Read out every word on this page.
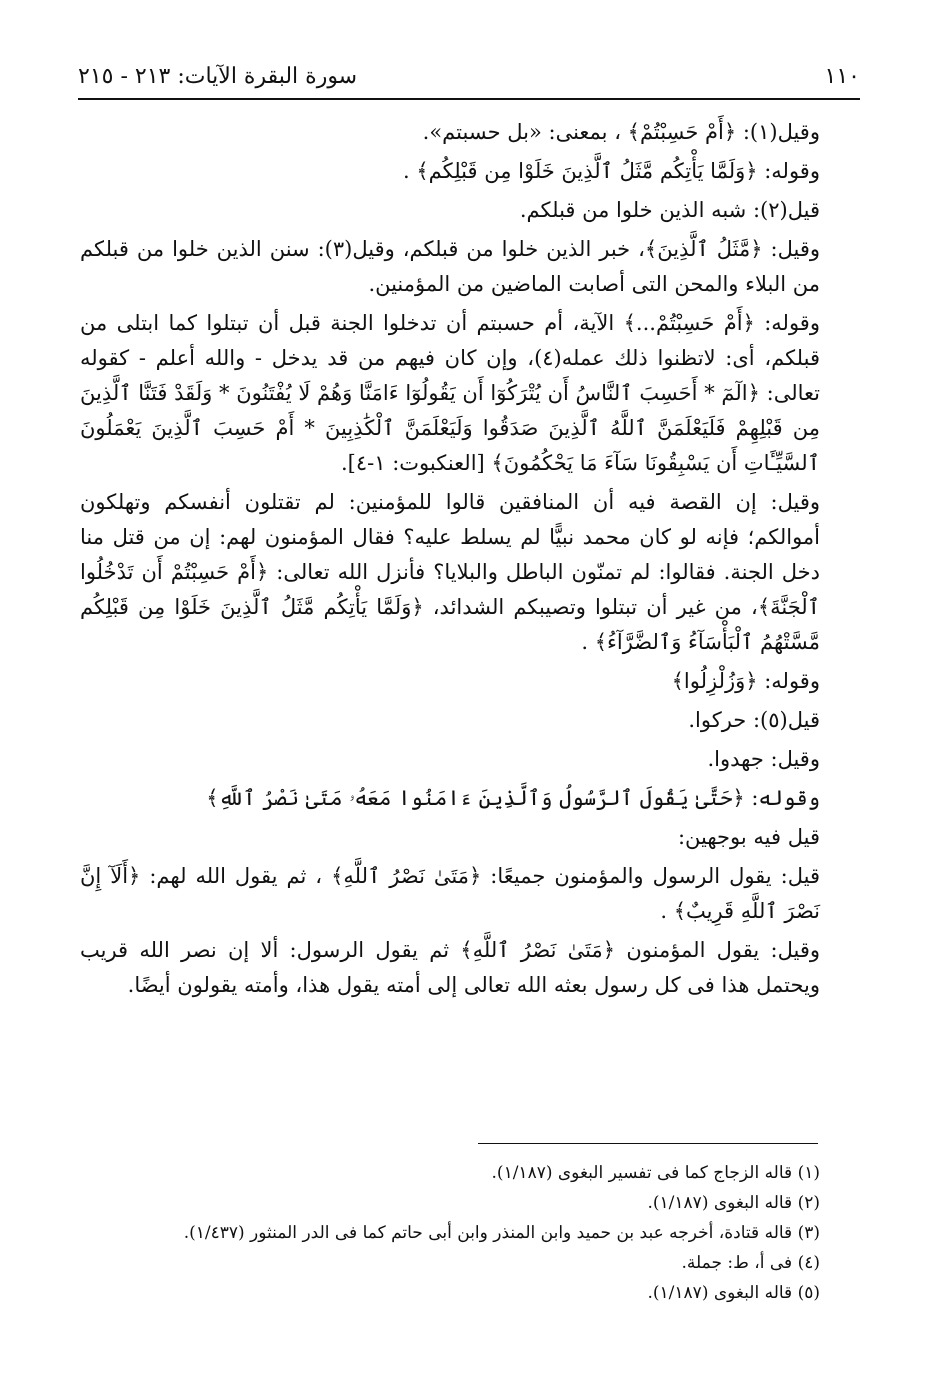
١١٠
سورة البقرة الآيات: ٢١٣ - ٢١٥

وقيل(١): ﴿أَمْ حَسِبْتُمْ﴾ ، بمعنى: «بل حسبتم».

وقوله: ﴿وَلَمَّا يَأْتِكُم مَّثَلُ ٱلَّذِينَ خَلَوْا مِن قَبْلِكُم﴾ .

قيل(٢): شبه الذين خلوا من قبلكم.

وقيل: ﴿مَّثَلُ ٱلَّذِينَ﴾، خبر الذين خلوا من قبلكم، وقيل(٣): سنن الذين خلوا من قبلكم من البلاء والمحن التى أصابت الماضين من المؤمنين.

وقوله: ﴿أَمْ حَسِبْتُمْ...﴾ الآية، أم حسبتم أن تدخلوا الجنة قبل أن تبتلوا كما ابتلى من قبلكم، أى: لاتظنوا ذلك عمله(٤)، وإن كان فيهم من قد يدخل - والله أعلم - كقوله تعالى: ﴿الٓمٓ * أَحَسِبَ ٱلنَّاسُ أَن يُتْرَكُوٓا أَن يَقُولُوٓا ءَامَنَّا وَهُمْ لَا يُفْتَنُونَ * وَلَقَدْ فَتَنَّا ٱلَّذِينَ مِن قَبْلِهِمْ فَلَيَعْلَمَنَّ ٱللَّهُ ٱلَّذِينَ صَدَقُوا وَلَيَعْلَمَنَّ ٱلْكَٰذِبِينَ * أَمْ حَسِبَ ٱلَّذِينَ يَعْمَلُونَ ٱلسَّيِّـَٔاتِ أَن يَسْبِقُونَا سَآءَ مَا يَحْكُمُونَ﴾ [العنكبوت: ١-٤].

وقيل: إن القصة فيه أن المنافقين قالوا للمؤمنين: لم تقتلون أنفسكم وتهلكون أموالكم؛ فإنه لو كان محمد نبيًّا لم يسلط عليه؟ فقال المؤمنون لهم: إن من قتل منا دخل الجنة. فقالوا: لم تمنّون الباطل والبلايا؟ فأنزل الله تعالى: ﴿أَمْ حَسِبْتُمْ أَن تَدْخُلُوا ٱلْجَنَّةَ﴾، من غير أن تبتلوا وتصيبكم الشدائد، ﴿وَلَمَّا يَأْتِكُم مَّثَلُ ٱلَّذِينَ خَلَوْا مِن قَبْلِكُم مَّسَّتْهُمُ ٱلْبَأْسَآءُ وَٱلضَّرَّآءُ﴾ .

وقوله: ﴿وَزُلْزِلُوا﴾

قيل(٥): حركوا.

وقيل: جهدوا.

وقوله: ﴿حَتَّىٰ يَقُولَ ٱلرَّسُولُ وَٱلَّذِينَ ءَامَنُوا مَعَهُۥ مَتَىٰ نَصْرُ ٱللَّهِ﴾

قيل فيه بوجهين:

قيل: يقول الرسول والمؤمنون جميعًا: ﴿مَتَىٰ نَصْرُ ٱللَّهِ﴾ ، ثم يقول الله لهم: ﴿أَلَآ إِنَّ نَصْرَ ٱللَّهِ قَرِيبٌ﴾ .

وقيل: يقول المؤمنون ﴿مَتَىٰ نَصْرُ ٱللَّهِ﴾ ثم يقول الرسول: ألا إن نصر الله قريب ويحتمل هذا فى كل رسول بعثه الله تعالى إلى أمته يقول هذا، وأمته يقولون أيضًا.

(١) قاله الزجاج كما فى تفسير البغوى (١/١٨٧).
(٢) قاله البغوى (١/١٨٧).
(٣) قاله قتادة، أخرجه عبد بن حميد وابن المنذر وابن أبى حاتم كما فى الدر المنثور (١/٤٣٧).
(٤) فى أ، ط: جملة.
(٥) قاله البغوى (١/١٨٧).
